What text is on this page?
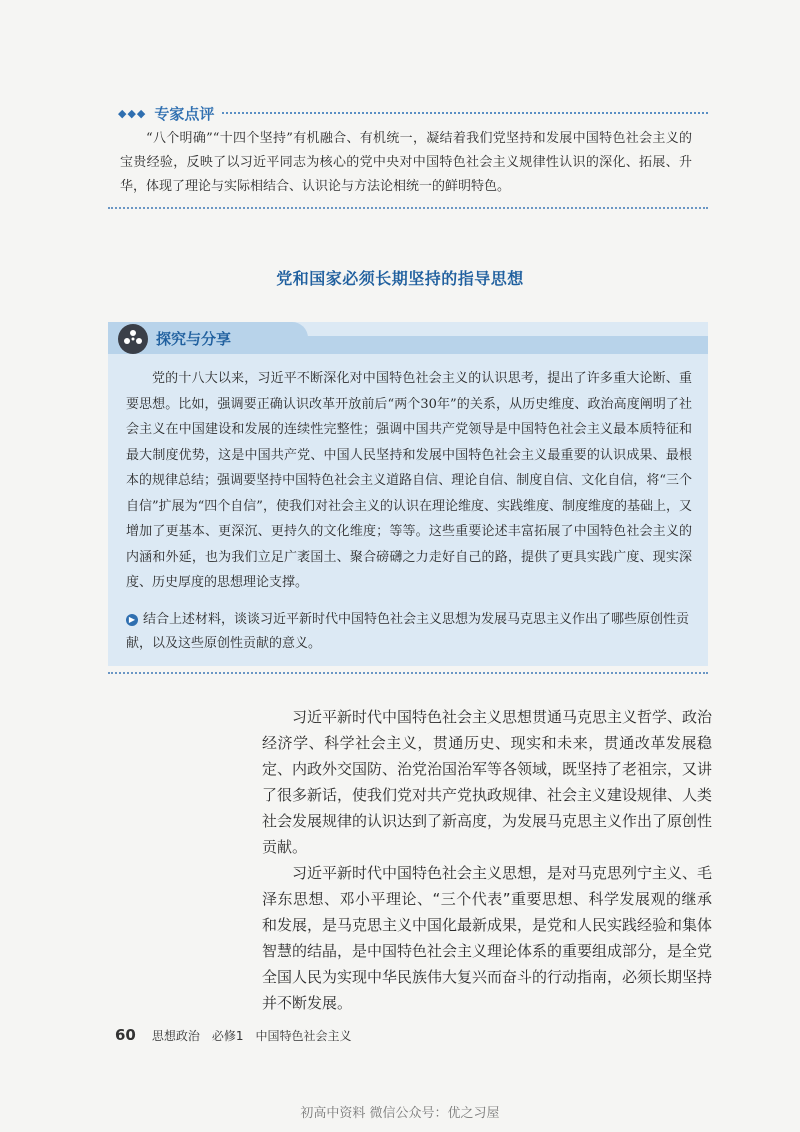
◆◆◆ 专家点评
“八个明确”“十四个坚持”有机融合、有机统一，凝结着我们党坚持和发展中国特色社会主义的宝贵经验，反映了以习近平同志为核心的党中央对中国特色社会主义规律性认识的深化、拓展、升华，体现了理论与实际相结合、认识论与方法论相统一的鲜明特色。
党和国家必须长期坚持的指导思想
探究与分享
党的十八大以来，习近平不断深化对中国特色社会主义的认识思考，提出了许多重大论断、重要思想。比如，强调要正确认识改革开放前后“两个30年”的关系，从历史维度、政治高度阐明了社会主义在中国建设和发展的连续性完整性；强调中国共产党领导是中国特色社会主义最本质特征和最大制度优势，这是中国共产党、中国人民坚持和发展中国特色社会主义最重要的认识成果、最根本的规律总结；强调要坚持中国特色社会主义道路自信、理论自信、制度自信、文化自信，将“三个自信”扩展为“四个自信”，使我们对社会主义的认识在理论维度、实践维度、制度维度的基础上，又增加了更基本、更深沉、更持久的文化维度；等等。这些重要论述丰富拓展了中国特色社会主义的内涵和外延，也为我们立足广袤国土、聚合磅礴之力走好自己的路，提供了更具实践广度、现实深度、历史厚度的思想理论支撑。
▶ 结合上述材料，谈谈习近平新时代中国特色社会主义思想为发展马克思主义作出了哪些原创性贡献，以及这些原创性贡献的意义。

习近平新时代中国特色社会主义思想贯通马克思主义哲学、政治经济学、科学社会主义，贯通历史、现实和未来，贯通改革发展稳定、内政外交国防、治党治国治军等各领域，既坚持了老祖宗，又讲了很多新话，使我们党对共产党执政规律、社会主义建设规律、人类社会发展规律的认识达到了新高度，为发展马克思主义作出了原创性贡献。

习近平新时代中国特色社会主义思想，是对马克思列宁主义、毛泽东思想、邓小平理论、“三个代表”重要思想、科学发展观的继承和发展，是马克思主义中国化最新成果，是党和人民实践经验和集体智慧的结晶，是中国特色社会主义理论体系的重要组成部分，是全党全国人民为实现中华民族伟大复兴而奋斗的行动指南，必须长期坚持并不断发展。

60 思想政治　必修1　中国特色社会主义
初高中资料 微信公众号：优之习屋
